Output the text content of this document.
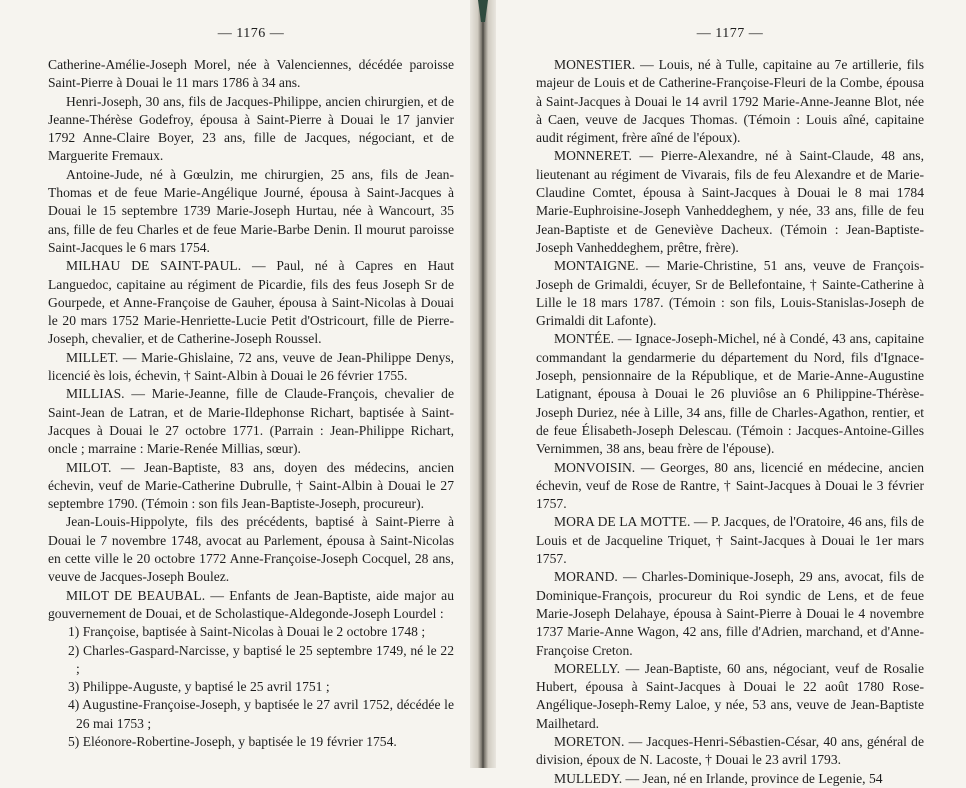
— 1176 —

Catherine-Amélie-Joseph Morel, née à Valenciennes, décédée paroisse Saint-Pierre à Douai le 11 mars 1786 à 34 ans.

Henri-Joseph, 30 ans, fils de Jacques-Philippe, ancien chirurgien, et de Jeanne-Thérèse Godefroy, épousa à Saint-Pierre à Douai le 17 janvier 1792 Anne-Claire Boyer, 23 ans, fille de Jacques, négociant, et de Marguerite Fremaux.

Antoine-Jude, né à Gœulzin, me chirurgien, 25 ans, fils de Jean-Thomas et de feue Marie-Angélique Journé, épousa à Saint-Jacques à Douai le 15 septembre 1739 Marie-Joseph Hurtau, née à Wancourt, 35 ans, fille de feu Charles et de feue Marie-Barbe Denin. Il mourut paroisse Saint-Jacques le 6 mars 1754.

MILHAU DE SAINT-PAUL. — Paul, né à Capres en Haut Languedoc, capitaine au régiment de Picardie, fils des feus Joseph Sr de Gourpede, et Anne-Françoise de Gauher, épousa à Saint-Nicolas à Douai le 20 mars 1752 Marie-Henriette-Lucie Petit d'Ostricourt, fille de Pierre-Joseph, chevalier, et de Catherine-Joseph Roussel.

MILLET. — Marie-Ghislaine, 72 ans, veuve de Jean-Philippe Denys, licencié ès lois, échevin, † Saint-Albin à Douai le 26 février 1755.

MILLIAS. — Marie-Jeanne, fille de Claude-François, chevalier de Saint-Jean de Latran, et de Marie-Ildephonse Richart, baptisée à Saint-Jacques à Douai le 27 octobre 1771. (Parrain : Jean-Philippe Richart, oncle ; marraine : Marie-Renée Millias, sœur).

MILOT. — Jean-Baptiste, 83 ans, doyen des médecins, ancien échevin, veuf de Marie-Catherine Dubrulle, † Saint-Albin à Douai le 27 septembre 1790. (Témoin : son fils Jean-Baptiste-Joseph, procureur).

Jean-Louis-Hippolyte, fils des précédents, baptisé à Saint-Pierre à Douai le 7 novembre 1748, avocat au Parlement, épousa à Saint-Nicolas en cette ville le 20 octobre 1772 Anne-Françoise-Joseph Cocquel, 28 ans, veuve de Jacques-Joseph Boulez.

MILOT DE BEAUBAL. — Enfants de Jean-Baptiste, aide major au gouvernement de Douai, et de Scholastique-Aldegonde-Joseph Lourdel :

1) Françoise, baptisée à Saint-Nicolas à Douai le 2 octobre 1748 ;

2) Charles-Gaspard-Narcisse, y baptisé le 25 septembre 1749, né le 22 ;

3) Philippe-Auguste, y baptisé le 25 avril 1751 ;

4) Augustine-Françoise-Joseph, y baptisée le 27 avril 1752, décédée le 26 mai 1753 ;

5) Eléonore-Robertine-Joseph, y baptisée le 19 février 1754.

— 1177 —

MONESTIER. — Louis, né à Tulle, capitaine au 7e artillerie, fils majeur de Louis et de Catherine-Françoise-Fleuri de la Combe, épousa à Saint-Jacques à Douai le 14 avril 1792 Marie-Anne-Jeanne Blot, née à Caen, veuve de Jacques Thomas. (Témoin : Louis aîné, capitaine audit régiment, frère aîné de l'époux).

MONNERET. — Pierre-Alexandre, né à Saint-Claude, 48 ans, lieutenant au régiment de Vivarais, fils de feu Alexandre et de Marie-Claudine Comtet, épousa à Saint-Jacques à Douai le 8 mai 1784 Marie-Euphroisine-Joseph Vanheddeghem, y née, 33 ans, fille de feu Jean-Baptiste et de Geneviève Dacheux. (Témoin : Jean-Baptiste-Joseph Vanheddeghem, prêtre, frère).

MONTAIGNE. — Marie-Christine, 51 ans, veuve de François-Joseph de Grimaldi, écuyer, Sr de Bellefontaine, † Sainte-Catherine à Lille le 18 mars 1787. (Témoin : son fils, Louis-Stanislas-Joseph de Grimaldi dit Lafonte).

MONTÉE. — Ignace-Joseph-Michel, né à Condé, 43 ans, capitaine commandant la gendarmerie du département du Nord, fils d'Ignace-Joseph, pensionnaire de la République, et de Marie-Anne-Augustine Latignant, épousa à Douai le 26 pluviôse an 6 Philippine-Thérèse-Joseph Duriez, née à Lille, 34 ans, fille de Charles-Agathon, rentier, et de feue Élisabeth-Joseph Delescau. (Témoin : Jacques-Antoine-Gilles Vernimmen, 38 ans, beau frère de l'épouse).

MONVOISIN. — Georges, 80 ans, licencié en médecine, ancien échevin, veuf de Rose de Rantre, † Saint-Jacques à Douai le 3 février 1757.

MORA DE LA MOTTE. — P. Jacques, de l'Oratoire, 46 ans, fils de Louis et de Jacqueline Triquet, † Saint-Jacques à Douai le 1er mars 1757.

MORAND. — Charles-Dominique-Joseph, 29 ans, avocat, fils de Dominique-François, procureur du Roi syndic de Lens, et de feue Marie-Joseph Delahaye, épousa à Saint-Pierre à Douai le 4 novembre 1737 Marie-Anne Wagon, 42 ans, fille d'Adrien, marchand, et d'Anne-Françoise Creton.

MORELLY. — Jean-Baptiste, 60 ans, négociant, veuf de Rosalie Hubert, épousa à Saint-Jacques à Douai le 22 août 1780 Rose-Angélique-Joseph-Remy Laloe, y née, 53 ans, veuve de Jean-Baptiste Mailhetard.

MORETON. — Jacques-Henri-Sébastien-César, 40 ans, général de division, époux de N. Lacoste, † Douai le 23 avril 1793.

MULLEDY. — Jean, né en Irlande, province de Legenie, 54
